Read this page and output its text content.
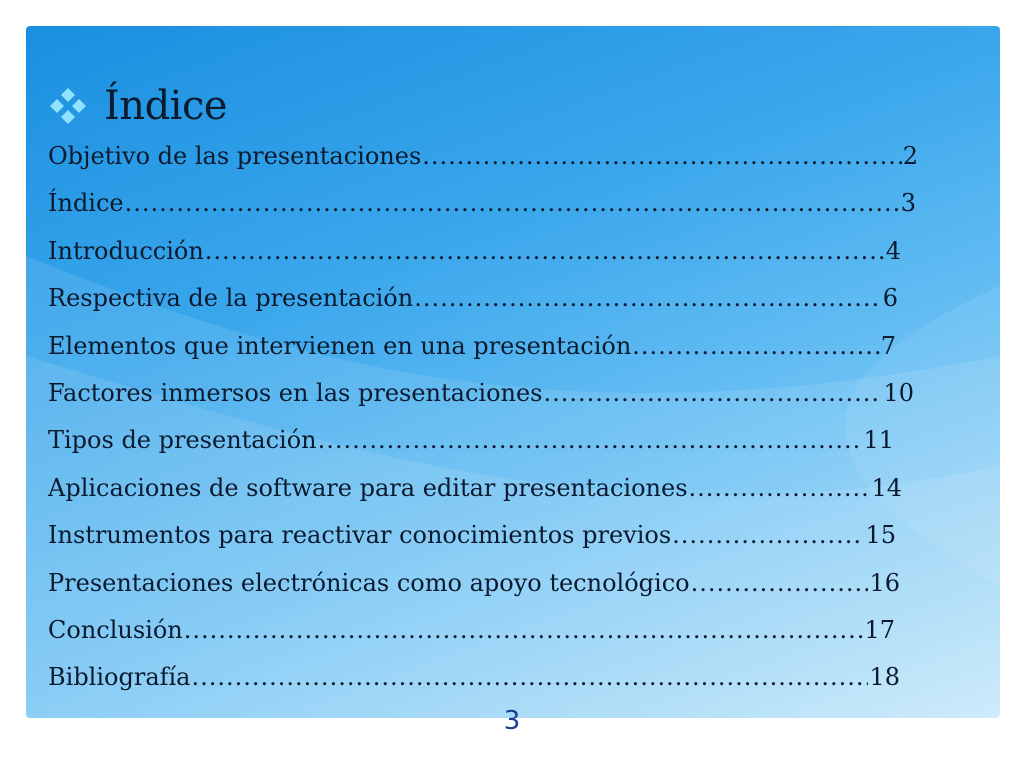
Índice
Objetivo de las presentaciones .....	2
Índice .....	3
Introducción .....	4
Respectiva de la presentación .....	6
Elementos que intervienen en una presentación .....	7
Factores inmersos en las presentaciones .....	10
Tipos de presentación .....	11
Aplicaciones de software para editar presentaciones .....	14
Instrumentos para reactivar conocimientos previos .....	15
Presentaciones electrónicas como apoyo tecnológico .....	16
Conclusión .....	17
Bibliografía .....	18
3
